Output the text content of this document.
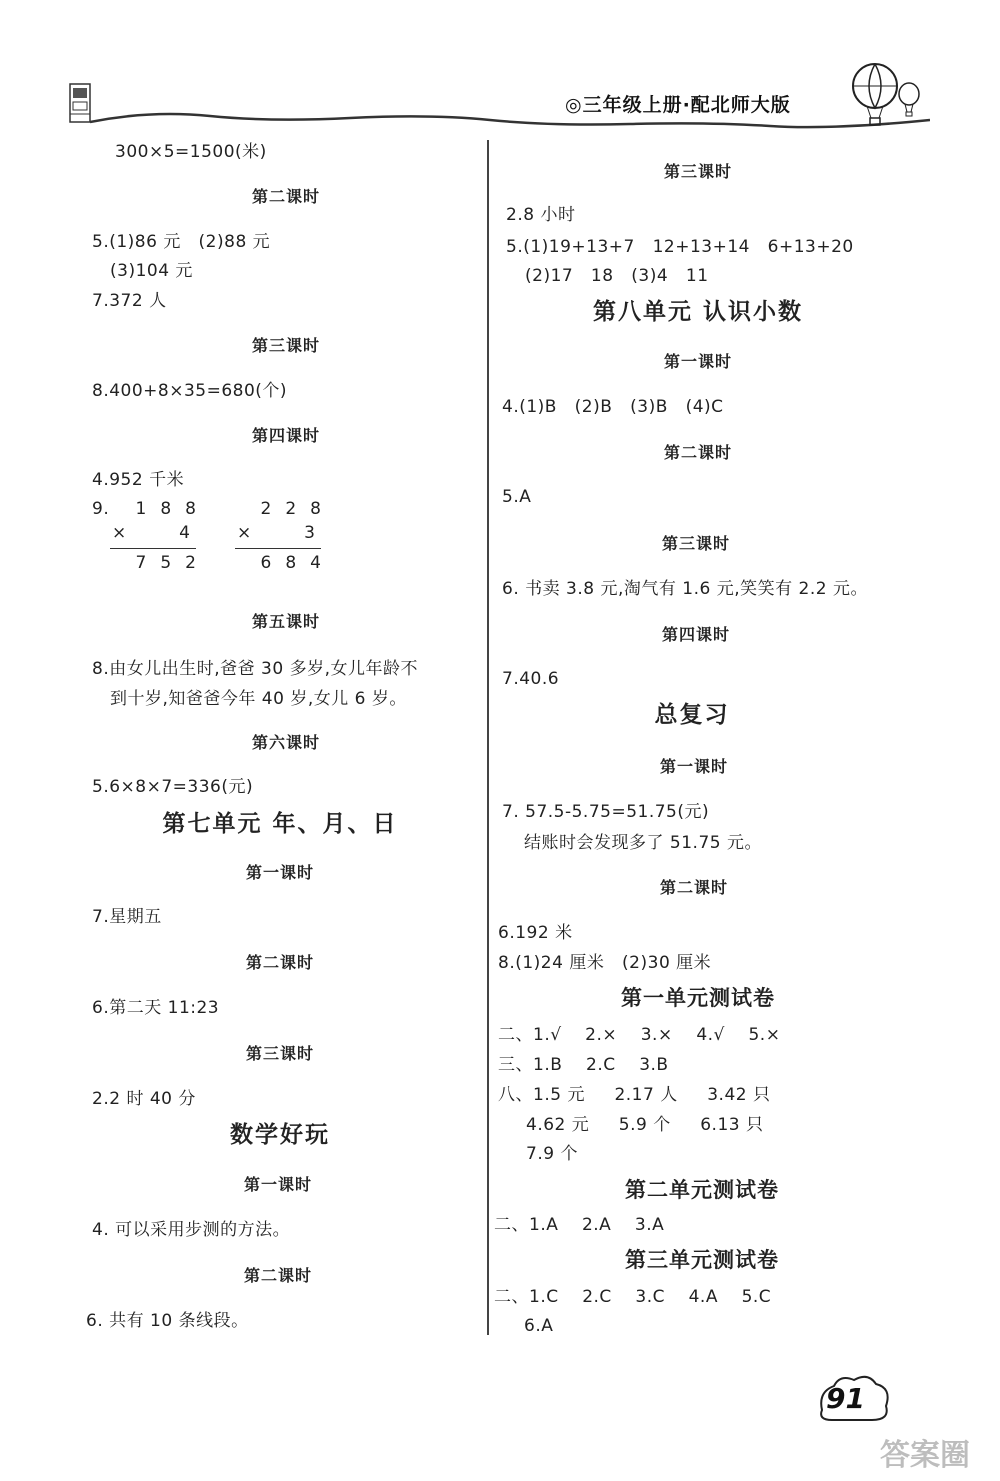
◎三年级上册·配北师大版
300×5=1500(米)
第二课时
5.(1)86 元   (2)88 元
(3)104 元
7.372 人
第三课时
8.400+8×35=680(个)
第四课时
4.952 千米
9. 1 8 8
×	4
7 5 2
2 2 8
×	3
6 8 4
第五课时
8.由女儿出生时,爸爸 30 多岁,女儿年龄不
到十岁,知爸爸今年 40 岁,女儿 6 岁。
第六课时
5.6×8×7=336(元)
第七单元 年、月、日
第一课时
7.星期五
第二课时
6.第二天 11:23
第三课时
2.2 时 40 分
数学好玩
第一课时
4. 可以采用步测的方法。
第二课时
6. 共有 10 条线段。
第三课时
2.8 小时
5.(1)19+13+7   12+13+14   6+13+20
(2)17   18   (3)4   11
第八单元 认识小数
第一课时
4.(1)B   (2)B   (3)B   (4)C
第二课时
5.A
第三课时
6. 书卖 3.8 元,淘气有 1.6 元,笑笑有 2.2 元。
第四课时
7.40.6
总复习
第一课时
7. 57.5-5.75=51.75(元)
结账时会发现多了 51.75 元。
第二课时
6.192 米
8.(1)24 厘米   (2)30 厘米
第一单元测试卷
二、1.√    2.×    3.×    4.√    5.×
三、1.B    2.C    3.B
八、1.5 元     2.17 人     3.42 只
4.62 元     5.9 个     6.13 只
7.9 个
第二单元测试卷
二、1.A    2.A    3.A
第三单元测试卷
二、1.C    2.C    3.C    4.A    5.C
6.A
91
答案圈
